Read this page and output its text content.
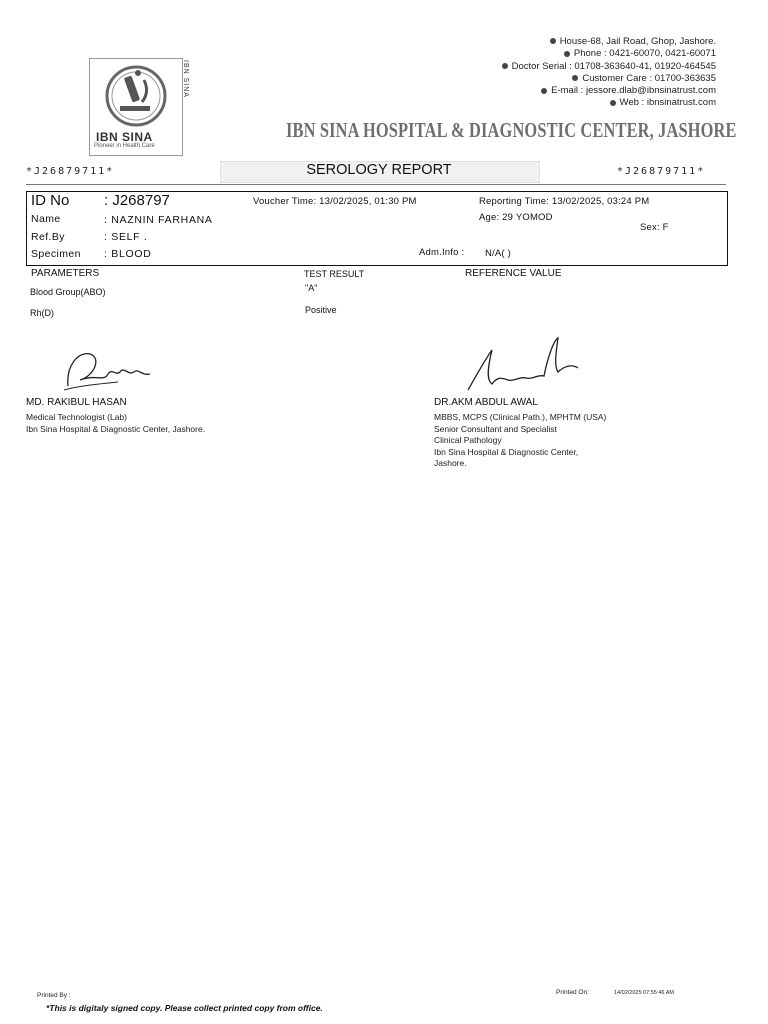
House-68, Jail Road, Ghop, Jashore.
Phone : 0421-60070, 0421-60071
Doctor Serial : 01708-363640-41, 01920-464545
Customer Care : 01700-363635
E-mail : jessore.dlab@ibnsinatrust.com
Web : ibnsinatrust.com
IBN SINA
Pioneer in Health Care
IBN SINA
IBN SINA HOSPITAL & DIAGNOSTIC CENTER, JASHORE
*J26879711*	SEROLOGY REPORT	*J26879711*
ID No : J268797
Name	: NAZNIN FARHANA
Ref.By	: SELF .
Specimen : BLOOD
Voucher Time: 13/02/2025, 01:30 PM	Reporting Time: 13/02/2025, 03:24 PM
Age: 29 YOMOD
Sex: F
Adm.Info : N/A( )
PARAMETERS	TEST RESULT	REFERENCE VALUE
Blood Group(ABO)	"A"
Rh(D)	Positive
MD. RAKIBUL HASAN
Medical Technologist (Lab)
Ibn Sina Hospital & Diagnostic Center, Jashore.
DR.AKM ABDUL AWAL
MBBS, MCPS (Clinical Path.), MPHTM (USA)
Senior Consultant and Specialist
Clinical Pathology
Ibn Sina Hospital & Diagnostic Center,
Jashore.
Printed By :	Printed On:	14/02/2025 07:55:46 AM
*This is digitaly signed copy. Please collect printed copy from office.
